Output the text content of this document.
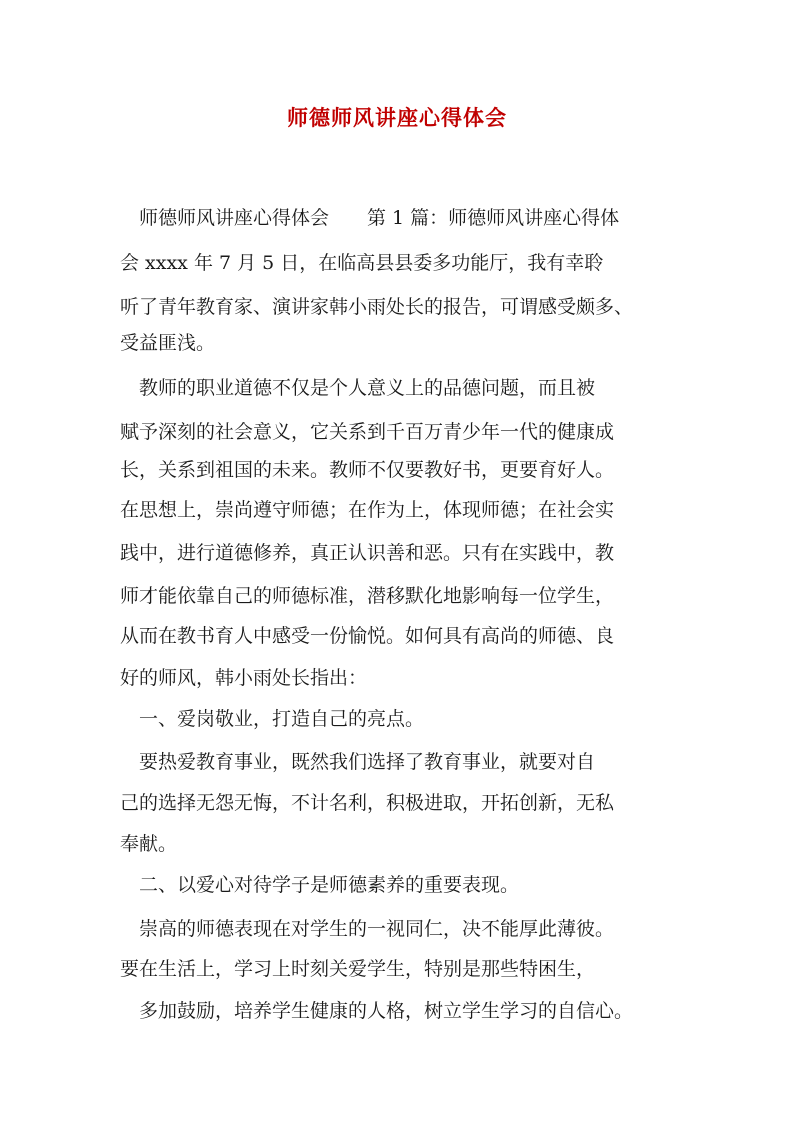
师德师风讲座心得体会
　师德师风讲座心得体会　　第 1 篇：师德师风讲座心得体
会 xxxx 年 7 月 5 日，在临高县县委多功能厅，我有幸聆
听了青年教育家、演讲家韩小雨处长的报告，可谓感受颇多、
受益匪浅。
　教师的职业道德不仅是个人意义上的品德问题，而且被
赋予深刻的社会意义，它关系到千百万青少年一代的健康成
长，关系到祖国的未来。教师不仅要教好书，更要育好人。
在思想上，崇尚遵守师德；在作为上，体现师德；在社会实
践中，进行道德修养，真正认识善和恶。只有在实践中，教
师才能依靠自己的师德标准，潜移默化地影响每一位学生，
从而在教书育人中感受一份愉悦。如何具有高尚的师德、良
好的师风，韩小雨处长指出：
　一、爱岗敬业，打造自己的亮点。
　要热爱教育事业，既然我们选择了教育事业，就要对自
己的选择无怨无悔，不计名利，积极进取，开拓创新，无私
奉献。
　二、以爱心对待学子是师德素养的重要表现。
　崇高的师德表现在对学生的一视同仁，决不能厚此薄彼。
要在生活上，学习上时刻关爱学生，特别是那些特困生，
　多加鼓励，培养学生健康的人格，树立学生学习的自信心。
